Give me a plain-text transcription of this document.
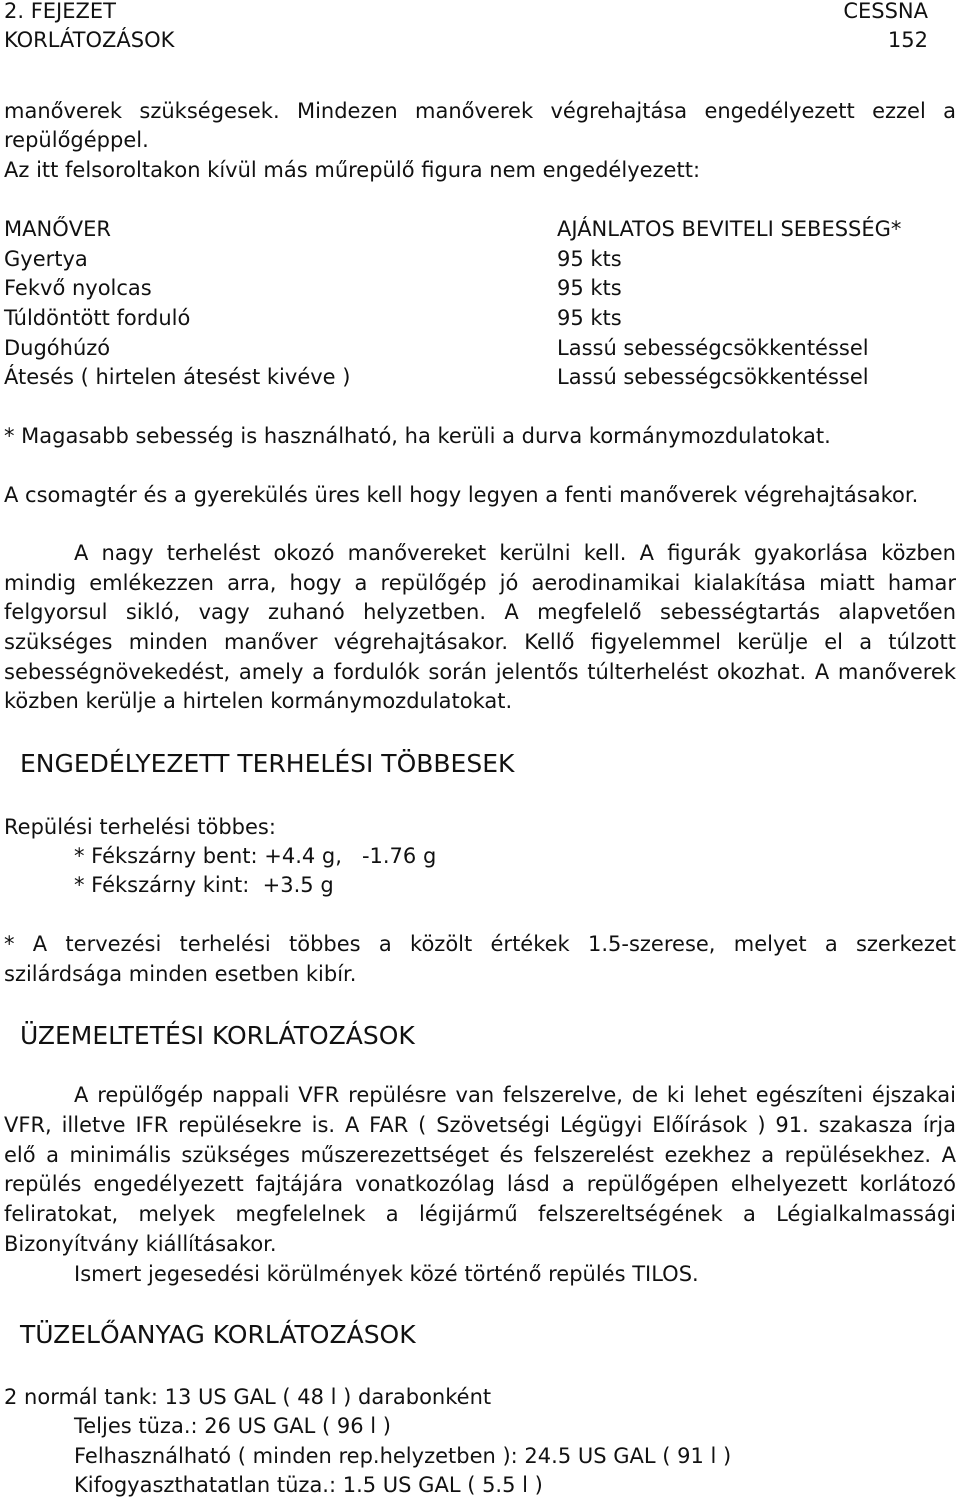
2. FEJEZET	CESSNA
KORLÁTOZÁSOK	152
manőverek szükségesek. Mindezen manőverek végrehajtása engedélyezett ezzel a
repülőgéppel.
Az itt felsoroltakon kívül más műrepülő figura nem engedélyezett:
MANŐVER	AJÁNLATOS BEVITELI SEBESSÉG*
Gyertya	95 kts
Fekvő nyolcas	95 kts
Túldöntött forduló	95 kts
Dugóhúzó	Lassú sebességcsökkentéssel
Átesés ( hirtelen átesést kivéve )	Lassú sebességcsökkentéssel
* Magasabb sebesség is használható, ha kerüli a durva kormánymozdulatokat.
A csomagtér és a gyerekülés üres kell hogy legyen a fenti manőverek végrehajtásakor.
A nagy terhelést okozó manővereket kerülni kell. A figurák gyakorlása közben
mindig emlékezzen arra, hogy a repülőgép jó aerodinamikai kialakítása miatt hamar
felgyorsul sikló, vagy zuhanó helyzetben. A megfelelő sebességtartás alapvetően
szükséges minden manőver végrehajtásakor. Kellő figyelemmel kerülje el a túlzott
sebességnövekedést, amely a fordulók során jelentős túlterhelést okozhat. A manőverek
közben kerülje a hirtelen kormánymozdulatokat.
ENGEDÉLYEZETT TERHELÉSI TÖBBESEK
Repülési terhelési többes:
* Fékszárny bent: +4.4 g,   -1.76 g
* Fékszárny kint:  +3.5 g
* A tervezési terhelési többes a közölt értékek 1.5-szerese, melyet a szerkezet
szilárdsága minden esetben kibír.
ÜZEMELTETÉSI KORLÁTOZÁSOK
A repülőgép nappali VFR repülésre van felszerelve, de ki lehet egészíteni éjszakai
VFR, illetve IFR repülésekre is. A FAR ( Szövetségi Légügyi Előírások ) 91. szakasza írja
elő a minimális szükséges műszerezettséget és felszerelést ezekhez a repülésekhez. A
repülés engedélyezett fajtájára vonatkozólag lásd a repülőgépen elhelyezett korlátozó
feliratokat, melyek megfelelnek a légijármű felszereltségének a Légialkalmassági
Bizonyítvány kiállításakor.
Ismert jegesedési körülmények közé történő repülés TILOS.
TÜZELŐANYAG KORLÁTOZÁSOK
2 normál tank: 13 US GAL ( 48 l ) darabonként
Teljes tüza.: 26 US GAL ( 96 l )
Felhasználható ( minden rep.helyzetben ): 24.5 US GAL ( 91 l )
Kifogyaszthatatlan tüza.: 1.5 US GAL ( 5.5 l )
